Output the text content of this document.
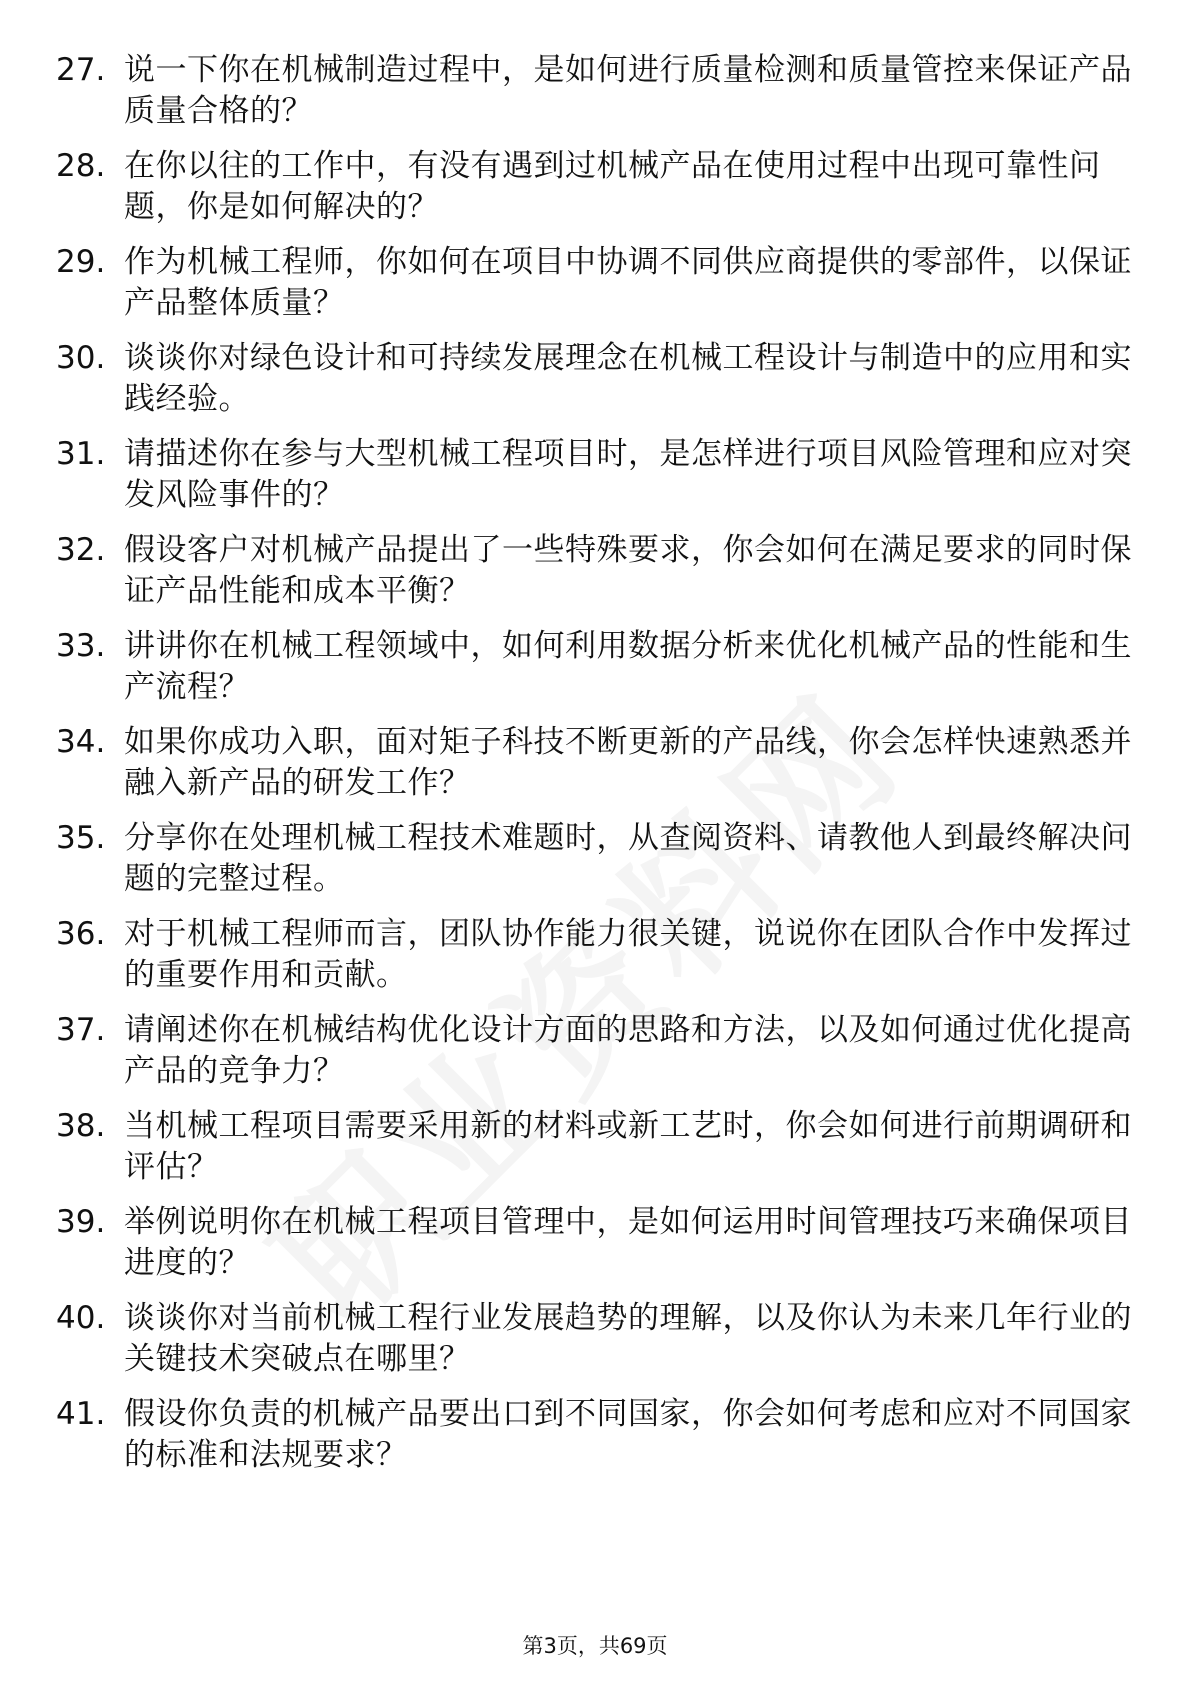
27. 说一下你在机械制造过程中，是如何进行质量检测和质量管控来保证产品质量合格的？
28. 在你以往的工作中，有没有遇到过机械产品在使用过程中出现可靠性问题，你是如何解决的？
29. 作为机械工程师，你如何在项目中协调不同供应商提供的零部件，以保证产品整体质量？
30. 谈谈你对绿色设计和可持续发展理念在机械工程设计与制造中的应用和实践经验。
31. 请描述你在参与大型机械工程项目时，是怎样进行项目风险管理和应对突发风险事件的？
32. 假设客户对机械产品提出了一些特殊要求，你会如何在满足要求的同时保证产品性能和成本平衡？
33. 讲讲你在机械工程领域中，如何利用数据分析来优化机械产品的性能和生产流程？
34. 如果你成功入职，面对矩子科技不断更新的产品线，你会怎样快速熟悉并融入新产品的研发工作？
35. 分享你在处理机械工程技术难题时，从查阅资料、请教他人到最终解决问题的完整过程。
36. 对于机械工程师而言，团队协作能力很关键，说说你在团队合作中发挥过的重要作用和贡献。
37. 请阐述你在机械结构优化设计方面的思路和方法，以及如何通过优化提高产品的竞争力？
38. 当机械工程项目需要采用新的材料或新工艺时，你会如何进行前期调研和评估？
39. 举例说明你在机械工程项目管理中，是如何运用时间管理技巧来确保项目进度的？
40. 谈谈你对当前机械工程行业发展趋势的理解，以及你认为未来几年行业的关键技术突破点在哪里？
41. 假设你负责的机械产品要出口到不同国家，你会如何考虑和应对不同国家的标准和法规要求？
第3页，共69页
